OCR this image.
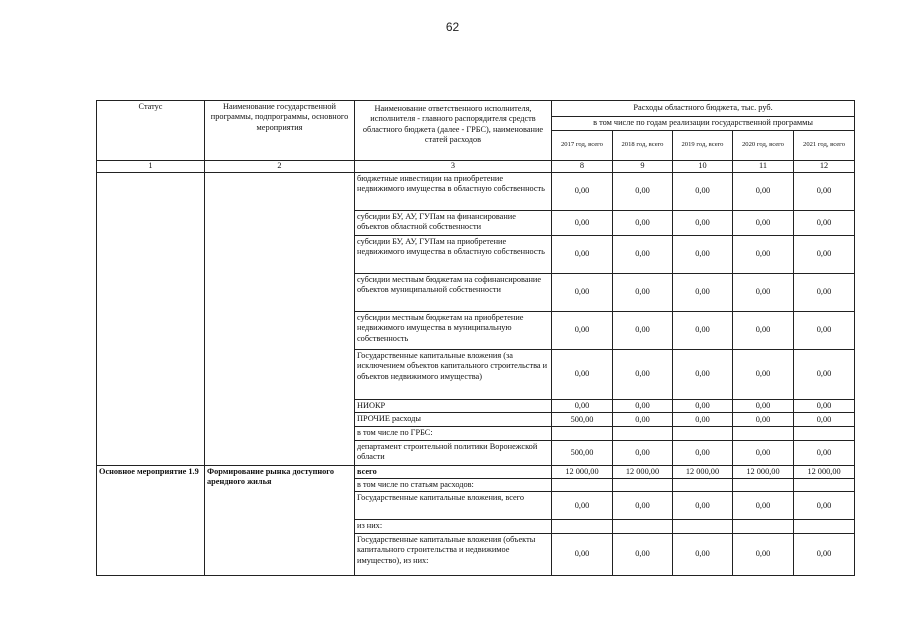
62
Статус	Наименование государственной программы, подпрограммы, основного мероприятия	Наименование ответственного исполнителя, исполнителя - главного распорядителя средств областного бюджета (далее - ГРБС), наименование статей расходов	Расходы областного бюджета, тыс. руб.				
			в том числе по годам реализации государственной программы				
			2017 год, всего	2018 год, всего	2019 год, всего	2020 год, всего	2021 год, всего
1	2	3	8	9	10	11	12
		бюджетные инвестиции на приобретение недвижимого имущества в областную собственность	0,00	0,00	0,00	0,00	0,00
		субсидии БУ, АУ, ГУПам на финансирование объектов областной собственности	0,00	0,00	0,00	0,00	0,00
		субсидии БУ, АУ, ГУПам на приобретение недвижимого имущества в областную собственность	0,00	0,00	0,00	0,00	0,00
		субсидии местным бюджетам на софинансирование объектов муниципальной собственности	0,00	0,00	0,00	0,00	0,00
		субсидии местным бюджетам на приобретение недвижимого имущества в муниципальную собственность	0,00	0,00	0,00	0,00	0,00
		Государственные капитальные вложения (за исключением объектов капитального строительства и объектов недвижимого имущества)	0,00	0,00	0,00	0,00	0,00
		НИОКР	0,00	0,00	0,00	0,00	0,00
		ПРОЧИЕ расходы	500,00	0,00	0,00	0,00	0,00
		в том числе по ГРБС:					
		департамент строительной политики Воронежской области	500,00	0,00	0,00	0,00	0,00
Основное мероприятие 1.9	Формирование рынка доступного арендного жилья	всего	12 000,00	12 000,00	12 000,00	12 000,00	12 000,00
		в том числе по статьям расходов:					
		Государственные капитальные вложения, всего	0,00	0,00	0,00	0,00	0,00
		из них:					
		Государственные капитальные вложения (объекты капитального строительства и недвижимое имущество), из них:	0,00	0,00	0,00	0,00	0,00
